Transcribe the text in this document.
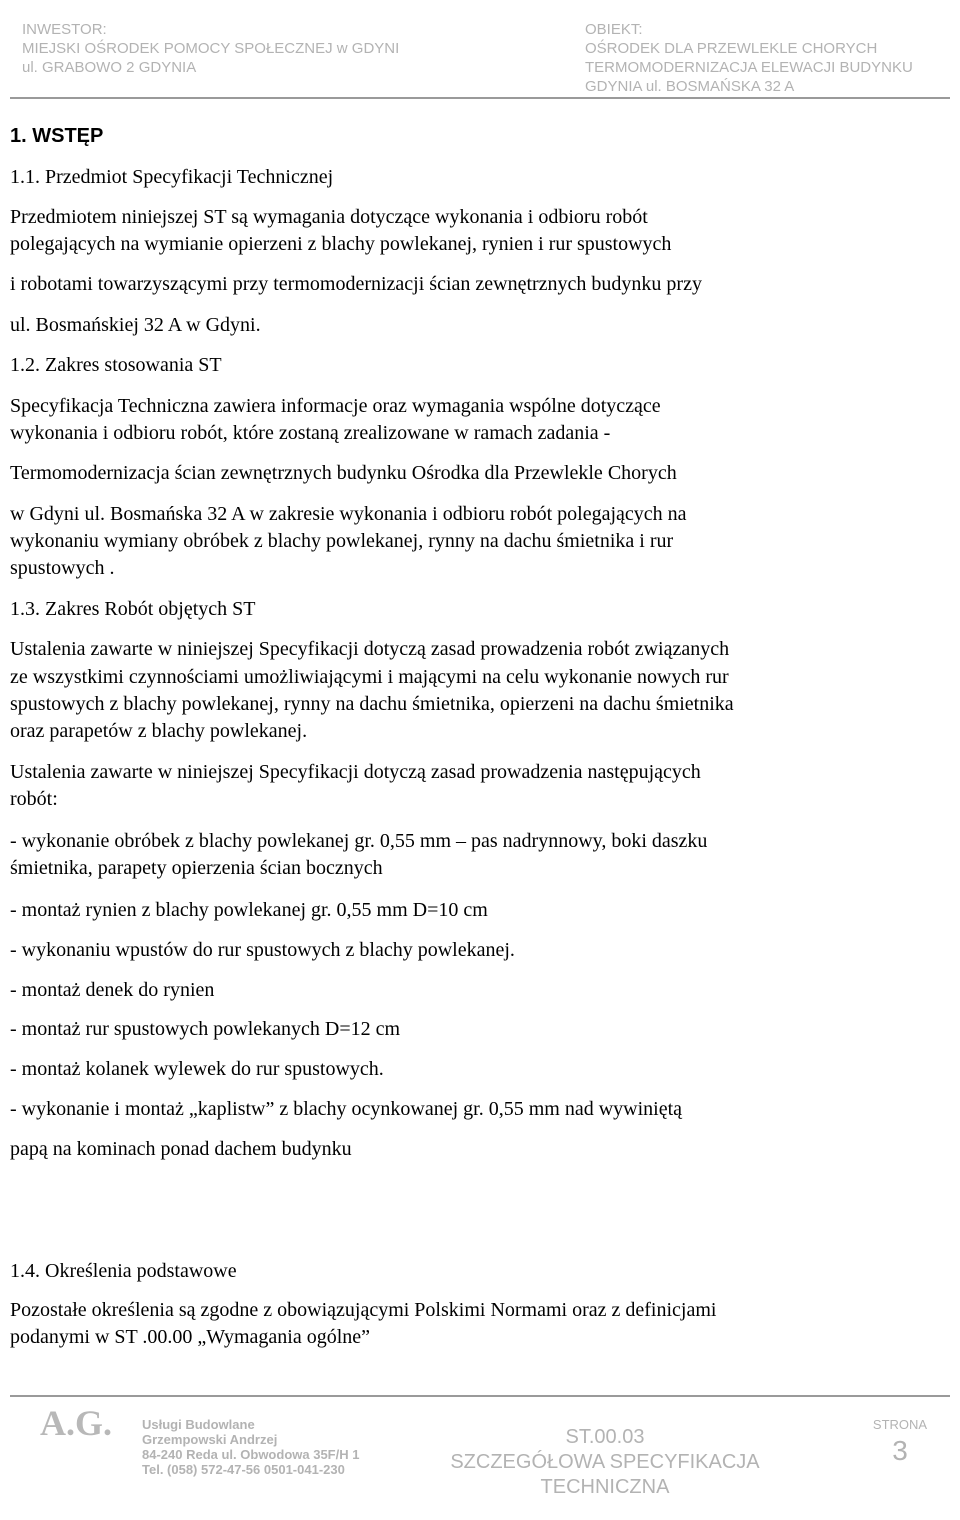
INWESTOR:
MIEJSKI OŚRODEK POMOCY SPOŁECZNEJ w GDYNI
ul. GRABOWO 2 GDYNIA
OBIEKT:
OŚRODEK DLA PRZEWLEKLE CHORYCH
TERMOMODERNIZACJA ELEWACJI BUDYNKU
GDYNIA ul. BOSMAŃSKA 32 A
1. WSTĘP
1.1. Przedmiot Specyfikacji Technicznej
Przedmiotem niniejszej ST są wymagania dotyczące wykonania i odbioru robót
polegających na wymianie opierzeni z blachy powlekanej, rynien i rur spustowych
i robotami towarzyszącymi przy termomodernizacji ścian zewnętrznych budynku przy
ul. Bosmańskiej 32 A w Gdyni.
1.2. Zakres stosowania ST
Specyfikacja Techniczna zawiera informacje oraz wymagania wspólne dotyczące
wykonania i odbioru robót, które zostaną zrealizowane w ramach zadania -
Termomodernizacja ścian zewnętrznych budynku Ośrodka dla Przewlekle Chorych
w Gdyni ul. Bosmańska 32 A w zakresie wykonania i odbioru robót polegających na
wykonaniu wymiany obróbek z blachy powlekanej, rynny na dachu śmietnika i rur
spustowych .
1.3. Zakres Robót objętych ST
Ustalenia zawarte w niniejszej Specyfikacji dotyczą zasad prowadzenia robót związanych
ze wszystkimi czynnościami umożliwiającymi i mającymi na celu wykonanie nowych rur
spustowych z blachy powlekanej, rynny na dachu śmietnika, opierzeni na dachu śmietnika
oraz parapetów z blachy powlekanej.
Ustalenia zawarte w niniejszej Specyfikacji dotyczą zasad prowadzenia następujących
robót:
- wykonanie obróbek z blachy powlekanej gr. 0,55 mm – pas nadrynnowy, boki daszku
śmietnika, parapety opierzenia ścian bocznych
- montaż rynien z blachy powlekanej gr. 0,55 mm D=10 cm
- wykonaniu wpustów do rur spustowych z blachy powlekanej.
- montaż denek do rynien
- montaż rur spustowych powlekanych D=12 cm
- montaż kolanek wylewek do rur spustowych.
- wykonanie i montaż „kaplistw” z blachy ocynkowanej gr. 0,55 mm nad wywiniętą
papą na kominach ponad dachem budynku
1.4. Określenia podstawowe
Pozostałe określenia są zgodne z obowiązującymi Polskimi Normami oraz z definicjami
podanymi w ST .00.00 „Wymagania ogólne”
A.G. Usługi Budowlane
Grzempowski Andrzej
84-240 Reda ul. Obwodowa 35F/H 1
Tel. (058) 572-47-56 0501-041-230
ST.00.03
SZCZEGÓŁOWA SPECYFIKACJA
TECHNICZNA
STRONA
3
